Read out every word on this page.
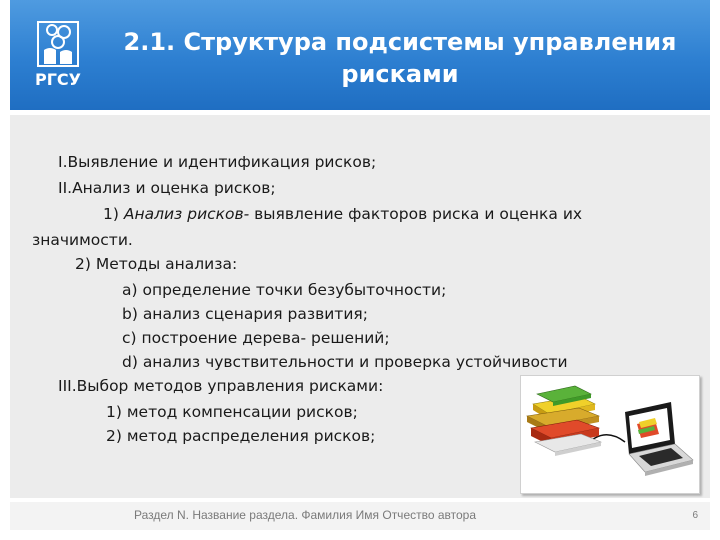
РГСУ
2.1. Структура подсистемы управления
рисками
I.Выявление и идентификация рисков;
II.Анализ и оценка рисков;
1) Анализ рисков- выявление факторов риска и оценка их
значимости.
2) Методы анализа:
a) определение точки безубыточности;
b) анализ сценария развития;
c) построение дерева- решений;
d) анализ чувствительности и проверка устойчивости
III.Выбор методов управления рисками:
1) метод компенсации рисков;
2) метод распределения рисков;
Раздел N. Название раздела. Фамилия Имя Отчество автора	6
